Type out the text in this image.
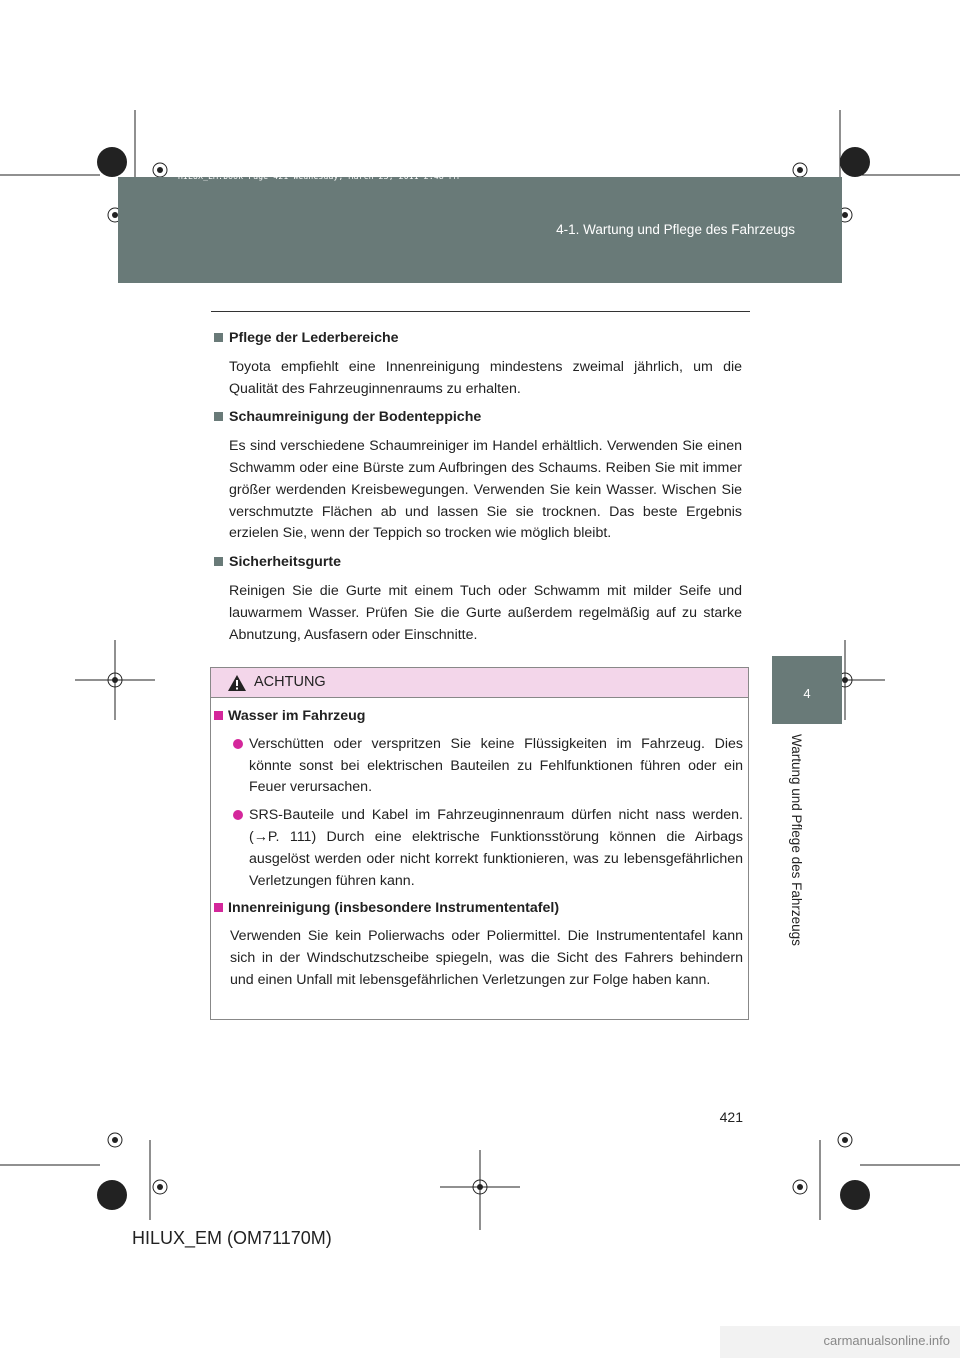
HILUX_EM.book Page 421 Wednesday, March 23, 2011 2:48 PM
4-1. Wartung und Pflege des Fahrzeugs
4
Wartung und Pflege des Fahrzeugs
Pflege der Lederbereiche
Toyota empfiehlt eine Innenreinigung mindestens zweimal jährlich, um die Qualität des Fahrzeuginnenraums zu erhalten.
Schaumreinigung der Bodenteppiche
Es sind verschiedene Schaumreiniger im Handel erhältlich. Verwenden Sie einen Schwamm oder eine Bürste zum Aufbringen des Schaums. Reiben Sie mit immer größer werdenden Kreisbewegungen. Verwenden Sie kein Wasser. Wischen Sie verschmutzte Flächen ab und lassen Sie sie trocknen. Das beste Ergebnis erzielen Sie, wenn der Teppich so trocken wie möglich bleibt.
Sicherheitsgurte
Reinigen Sie die Gurte mit einem Tuch oder Schwamm mit milder Seife und lauwarmem Wasser. Prüfen Sie die Gurte außerdem regelmäßig auf zu starke Abnutzung, Ausfasern oder Einschnitte.
ACHTUNG
Wasser im Fahrzeug
Verschütten oder verspritzen Sie keine Flüssigkeiten im Fahrzeug. Dies könnte sonst bei elektrischen Bauteilen zu Fehlfunktionen führen oder ein Feuer verursachen.
SRS-Bauteile und Kabel im Fahrzeuginnenraum dürfen nicht nass werden. (→P. 111) Durch eine elektrische Funktionsstörung können die Airbags ausgelöst werden oder nicht korrekt funktionieren, was zu lebensgefährlichen Verletzungen führen kann.
Innenreinigung (insbesondere Instrumententafel)
Verwenden Sie kein Polierwachs oder Poliermittel. Die Instrumententafel kann sich in der Windschutzscheibe spiegeln, was die Sicht des Fahrers behindern und einen Unfall mit lebensgefährlichen Verletzungen zur Folge haben kann.
421
HILUX_EM (OM71170M)
carmanualsonline.info
